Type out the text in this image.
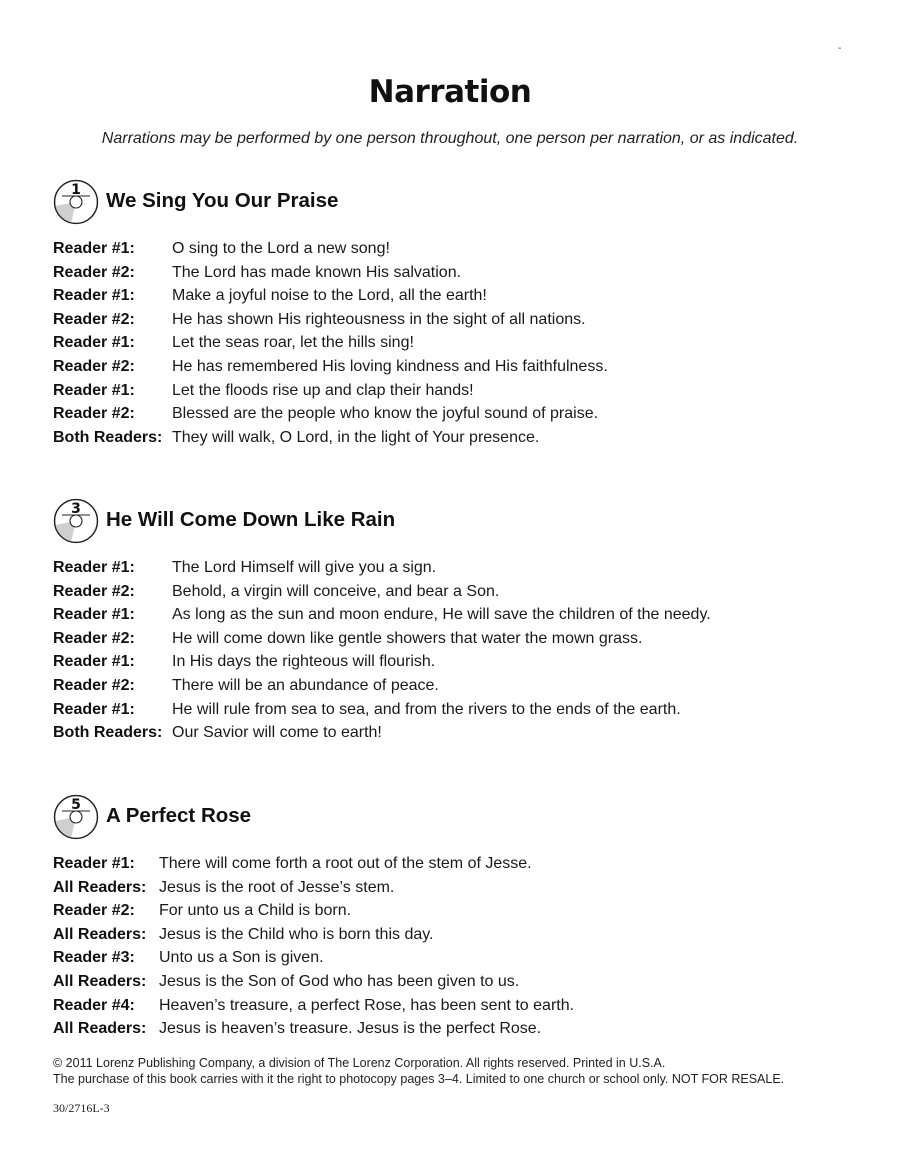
-
Narration
Narrations may be performed by one person throughout, one person per narration, or as indicated.
1 We Sing You Our Praise
Reader #1: O sing to the Lord a new song!
Reader #2: The Lord has made known His salvation.
Reader #1: Make a joyful noise to the Lord, all the earth!
Reader #2: He has shown His righteousness in the sight of all nations.
Reader #1: Let the seas roar, let the hills sing!
Reader #2: He has remembered His loving kindness and His faithfulness.
Reader #1: Let the floods rise up and clap their hands!
Reader #2: Blessed are the people who know the joyful sound of praise.
Both Readers: They will walk, O Lord, in the light of Your presence.
3 He Will Come Down Like Rain
Reader #1: The Lord Himself will give you a sign.
Reader #2: Behold, a virgin will conceive, and bear a Son.
Reader #1: As long as the sun and moon endure, He will save the children of the needy.
Reader #2: He will come down like gentle showers that water the mown grass.
Reader #1: In His days the righteous will flourish.
Reader #2: There will be an abundance of peace.
Reader #1: He will rule from sea to sea, and from the rivers to the ends of the earth.
Both Readers: Our Savior will come to earth!
5 A Perfect Rose
Reader #1: There will come forth a root out of the stem of Jesse.
All Readers: Jesus is the root of Jesse’s stem.
Reader #2: For unto us a Child is born.
All Readers: Jesus is the Child who is born this day.
Reader #3: Unto us a Son is given.
All Readers: Jesus is the Son of God who has been given to us.
Reader #4: Heaven’s treasure, a perfect Rose, has been sent to earth.
All Readers: Jesus is heaven’s treasure. Jesus is the perfect Rose.
© 2011 Lorenz Publishing Company, a division of The Lorenz Corporation. All rights reserved. Printed in U.S.A.
The purchase of this book carries with it the right to photocopy pages 3–4. Limited to one church or school only. NOT FOR RESALE.
30/2716L-3
